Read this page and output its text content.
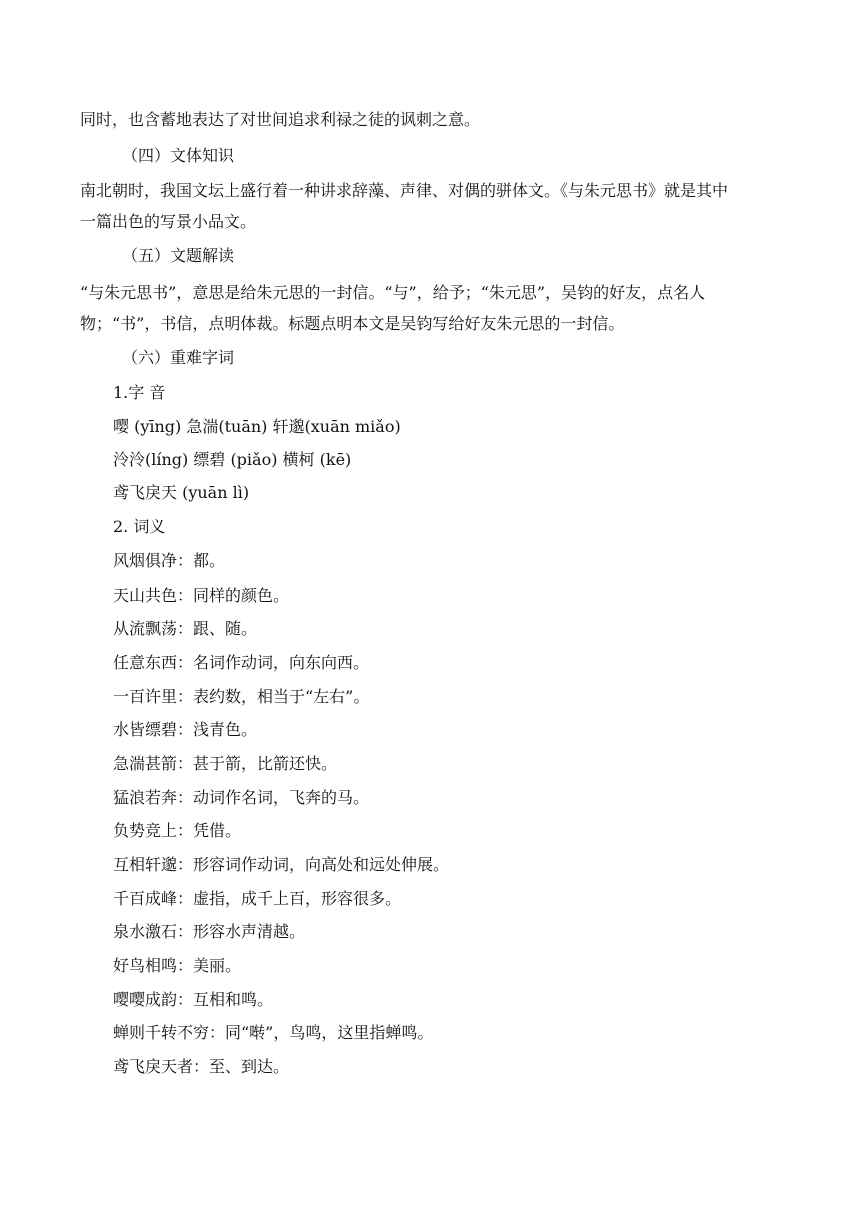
同时，也含蓄地表达了对世间追求利禄之徒的讽刺之意。
（四）文体知识
南北朝时，我国文坛上盛行着一种讲求辞藻、声律、对偶的骈体文。《与朱元思书》就是其中
一篇出色的写景小品文。
（五）文题解读
“与朱元思书”，意思是给朱元思的一封信。“与”，给予；“朱元思”，吴钧的好友，点名人
物；“书”，书信，点明体裁。标题点明本文是吴钧写给好友朱元思的一封信。
（六）重难字词
1.字 音
嘤 (yīng) 急湍(tuān) 轩邈(xuān miǎo)
泠泠(líng) 缥碧 (piǎo) 横柯 (kē)
鸢飞戾天 (yuān lì)
2. 词义
风烟俱净：都。
天山共色：同样的颜色。
从流飘荡：跟、随。
任意东西：名词作动词，向东向西。
一百许里：表约数，相当于“左右”。
水皆缥碧：浅青色。
急湍甚箭：甚于箭，比箭还快。
猛浪若奔：动词作名词，飞奔的马。
负势竞上：凭借。
互相轩邈：形容词作动词，向高处和远处伸展。
千百成峰：虚指，成千上百，形容很多。
泉水激石：形容水声清越。
好鸟相鸣：美丽。
嘤嘤成韵：互相和鸣。
蝉则千转不穷：同“啭”，鸟鸣，这里指蝉鸣。
鸢飞戾天者：至、到达。
